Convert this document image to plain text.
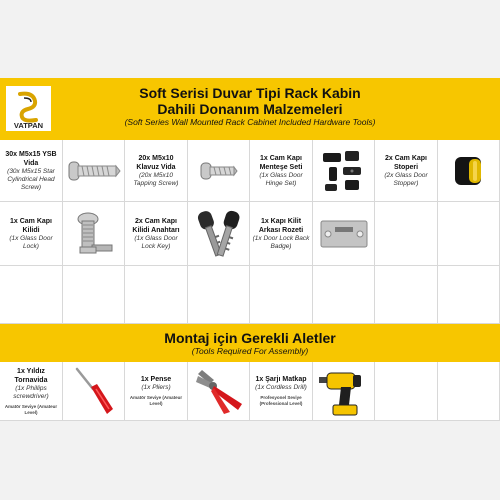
Soft Serisi Duvar Tipi Rack Kabin
Dahili Donanım Malzemeleri
(Soft Series Wall Mounted Rack Cabinet Included Hardware Tools)
VATPAN
30x M5x15 YSB Vida
(30x M5x15 Star Cylindrical Head Screw)
20x M5x10 Klavuz Vida
(20x M5x10 Tapping Screw)
1x Cam Kapı Menteşe Seti
(1x Glass Door Hinge Set)
2x Cam Kapı Stoperi
(2x Glass Door Stopper)
1x Cam Kapı Kilidi
(1x Glass Door Lock)
2x Cam Kapı Kilidi Anahtarı
(1x Glass Door Lock Key)
1x Kapı Kilit Arkası Rozeti
(1x Door Lock Back Badge)
Montaj için Gerekli Aletler
(Tools Required For Assembly)
1x Yıldız Tornavida
(1x Phillips screwdriver)
Amatör Seviye (Amateur Level)
1x Pense
(1x Pliers)
Amatör Seviye (Amateur Level)
1x Şarjı Matkap
(1x Cordless Drill)
Profesyonel Seviye (Professional Level)
